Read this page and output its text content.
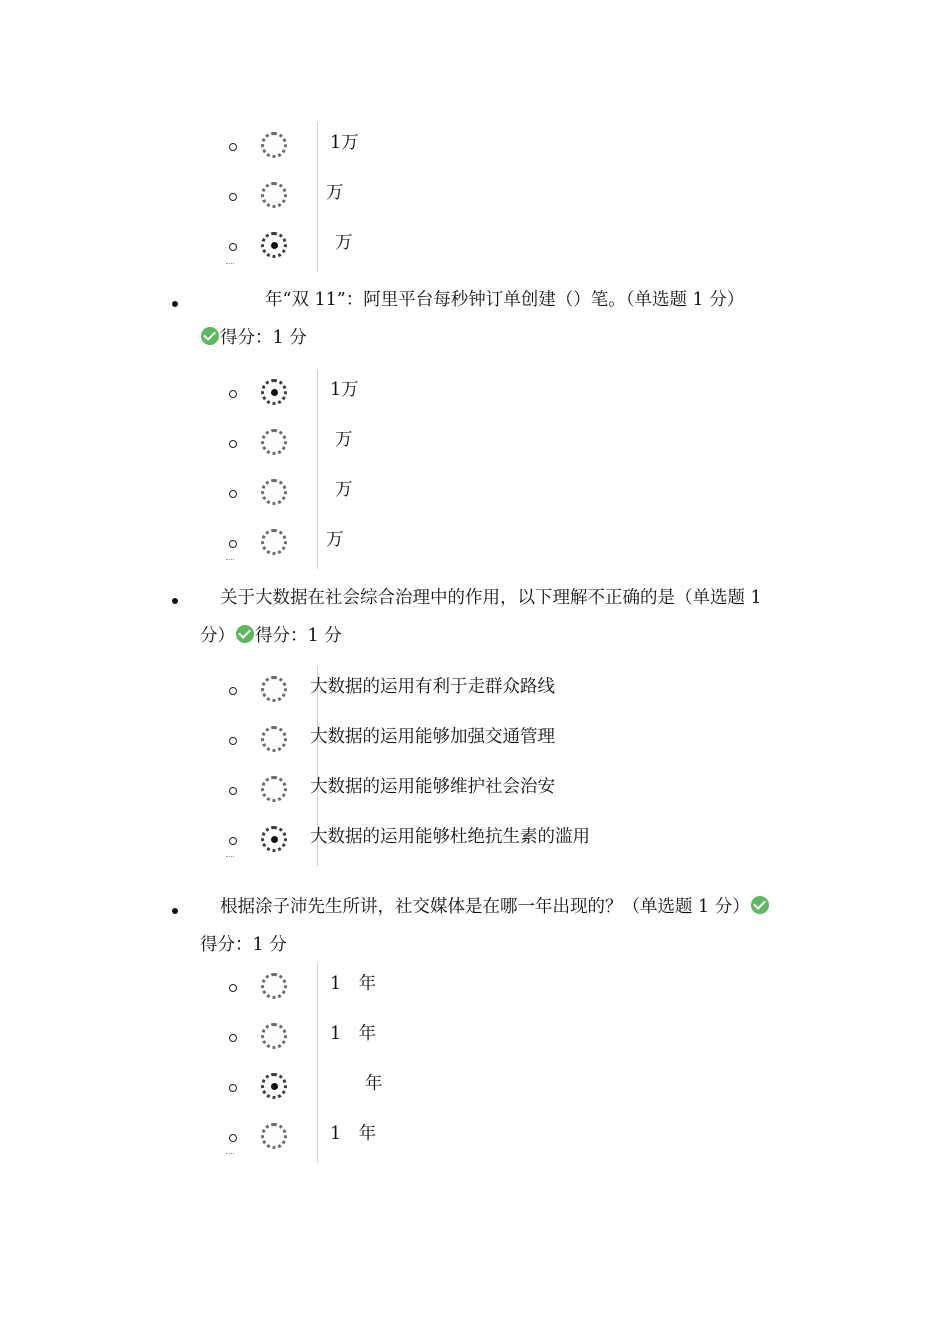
1万
万
万
年“双 11”：阿里平台每秒钟订单创建（）笔。（单选题 1 分）
得分：1 分
1万
万
万
万
关于大数据在社会综合治理中的作用，以下理解不正确的是（单选题 1
分） 得分：1 分
大数据的运用有利于走群众路线
大数据的运用能够加强交通管理
大数据的运用能够维护社会治安
大数据的运用能够杜绝抗生素的滥用
根据涂子沛先生所讲，社交媒体是在哪一年出现的？（单选题 1 分）
得分：1 分
1　年
1　年
　　年
1　年
